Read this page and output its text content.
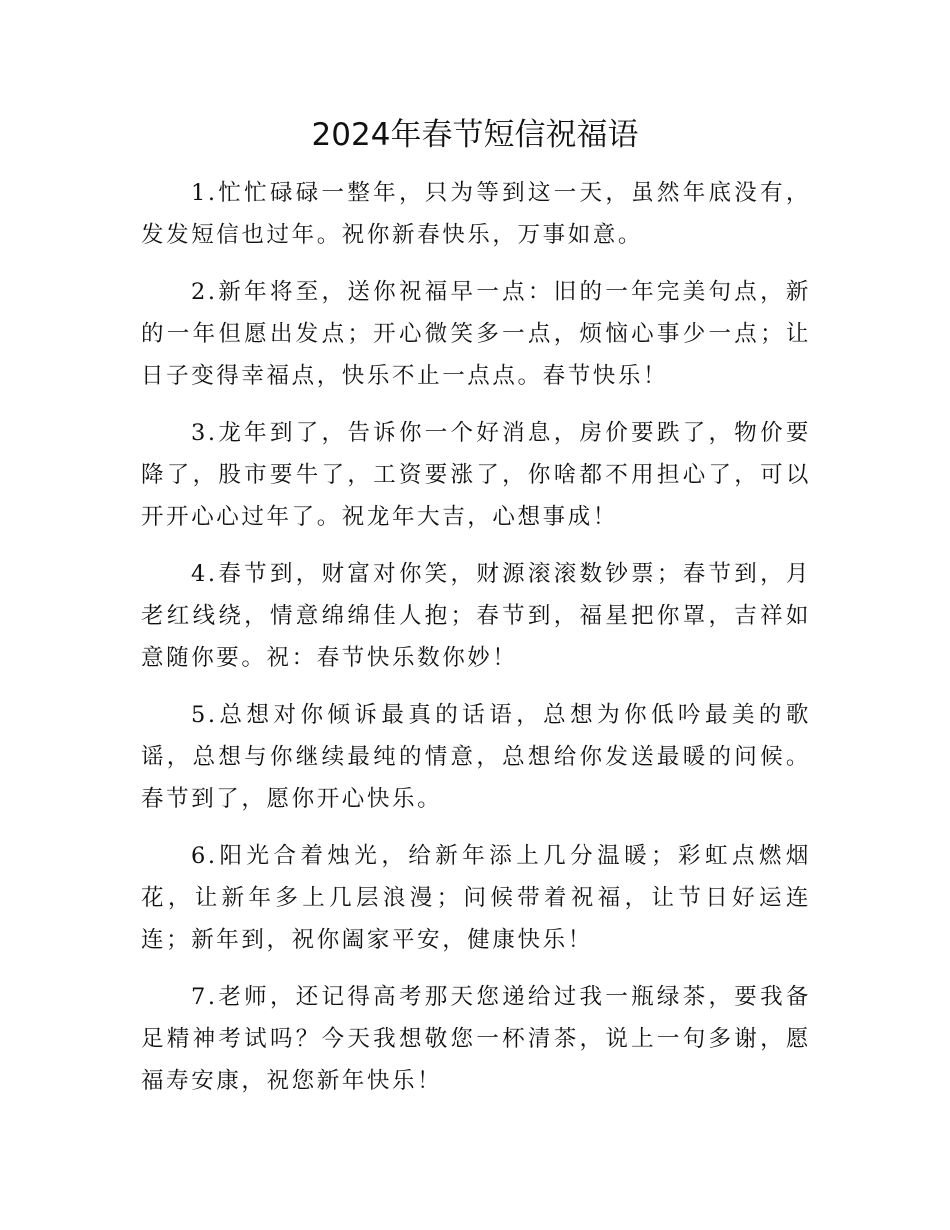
2024年春节短信祝福语

1.忙忙碌碌一整年，只为等到这一天，虽然年底没有，发发短信也过年。祝你新春快乐，万事如意。

2.新年将至，送你祝福早一点：旧的一年完美句点，新的一年但愿出发点；开心微笑多一点，烦恼心事少一点；让日子变得幸福点，快乐不止一点点。春节快乐！

3.龙年到了，告诉你一个好消息，房价要跌了，物价要降了，股市要牛了，工资要涨了，你啥都不用担心了，可以开开心心过年了。祝龙年大吉，心想事成！

4.春节到，财富对你笑，财源滚滚数钞票；春节到，月老红线绕，情意绵绵佳人抱；春节到，福星把你罩，吉祥如意随你要。祝：春节快乐数你妙！

5.总想对你倾诉最真的话语，总想为你低吟最美的歌谣，总想与你继续最纯的情意，总想给你发送最暖的问候。春节到了，愿你开心快乐。

6.阳光合着烛光，给新年添上几分温暖；彩虹点燃烟花，让新年多上几层浪漫；问候带着祝福，让节日好运连连；新年到，祝你阖家平安，健康快乐！

7.老师，还记得高考那天您递给过我一瓶绿茶，要我备足精神考试吗？今天我想敬您一杯清茶，说上一句多谢，愿福寿安康，祝您新年快乐！
